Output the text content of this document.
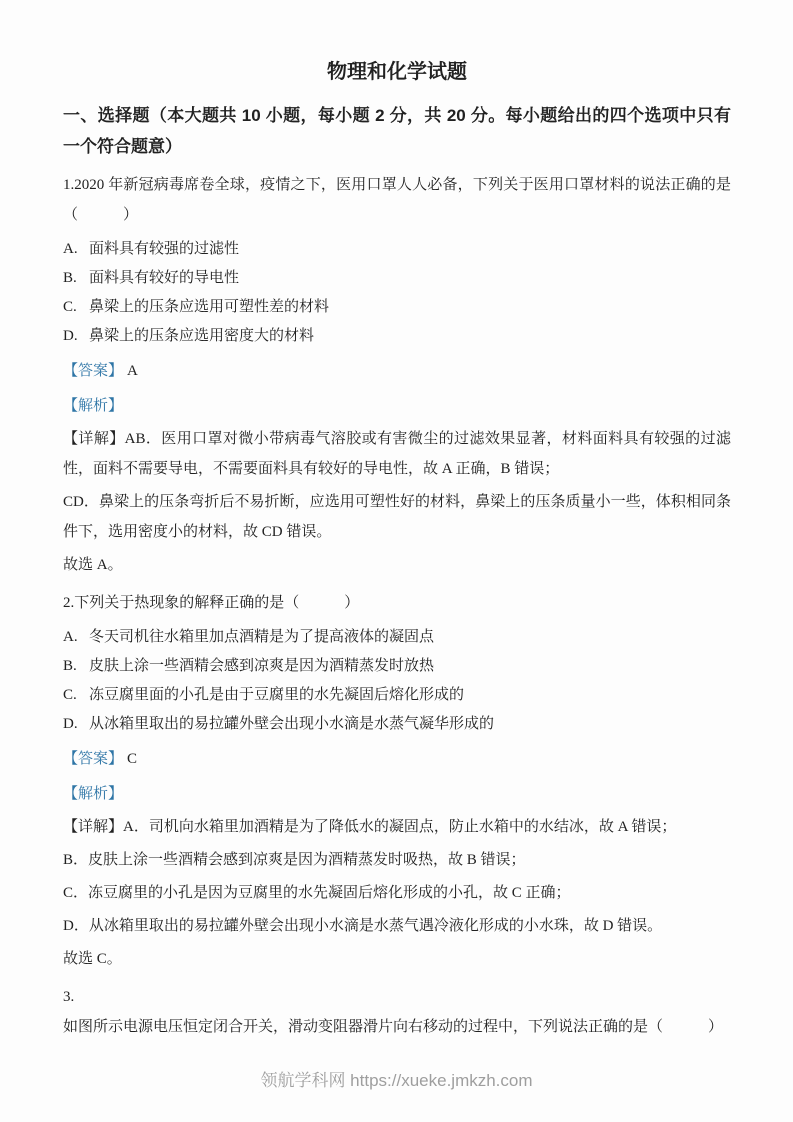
物理和化学试题
一、选择题（本大题共 10 小题，每小题 2 分，共 20 分。每小题给出的四个选项中只有一个符合题意）

1.2020 年新冠病毒席卷全球，疫情之下，医用口罩人人必备，下列关于医用口罩材料的说法正确的是（　　　）

A. 面料具有较强的过滤性

B. 面料具有较好的导电性

C. 鼻梁上的压条应选用可塑性差的材料

D. 鼻梁上的压条应选用密度大的材料

【答案】 A

【解析】

【详解】AB．医用口罩对微小带病毒气溶胶或有害微尘的过滤效果显著，材料面料具有较强的过滤性，面料不需要导电，不需要面料具有较好的导电性，故 A 正确，B 错误；

CD．鼻梁上的压条弯折后不易折断，应选用可塑性好的材料，鼻梁上的压条质量小一些，体积相同条件下，选用密度小的材料，故 CD 错误。

故选 A。

2.下列关于热现象的解释正确的是（　　　）

A. 冬天司机往水箱里加点酒精是为了提高液体的凝固点

B. 皮肤上涂一些酒精会感到凉爽是因为酒精蒸发时放热

C. 冻豆腐里面的小孔是由于豆腐里的水先凝固后熔化形成的

D. 从冰箱里取出的易拉罐外壁会出现小水滴是水蒸气凝华形成的

【答案】 C

【解析】

【详解】A．司机向水箱里加酒精是为了降低水的凝固点，防止水箱中的水结冰，故 A 错误；

B．皮肤上涂一些酒精会感到凉爽是因为酒精蒸发时吸热，故 B 错误；

C．冻豆腐里的小孔是因为豆腐里的水先凝固后熔化形成的小孔，故 C 正确；

D．从冰箱里取出的易拉罐外壁会出现小水滴是水蒸气遇冷液化形成的小水珠，故 D 错误。

故选 C。

3.如图所示电源电压恒定闭合开关，滑动变阻器滑片向右移动的过程中，下列说法正确的是（　　　）

领航学科网 https://xueke.jmkzh.com
